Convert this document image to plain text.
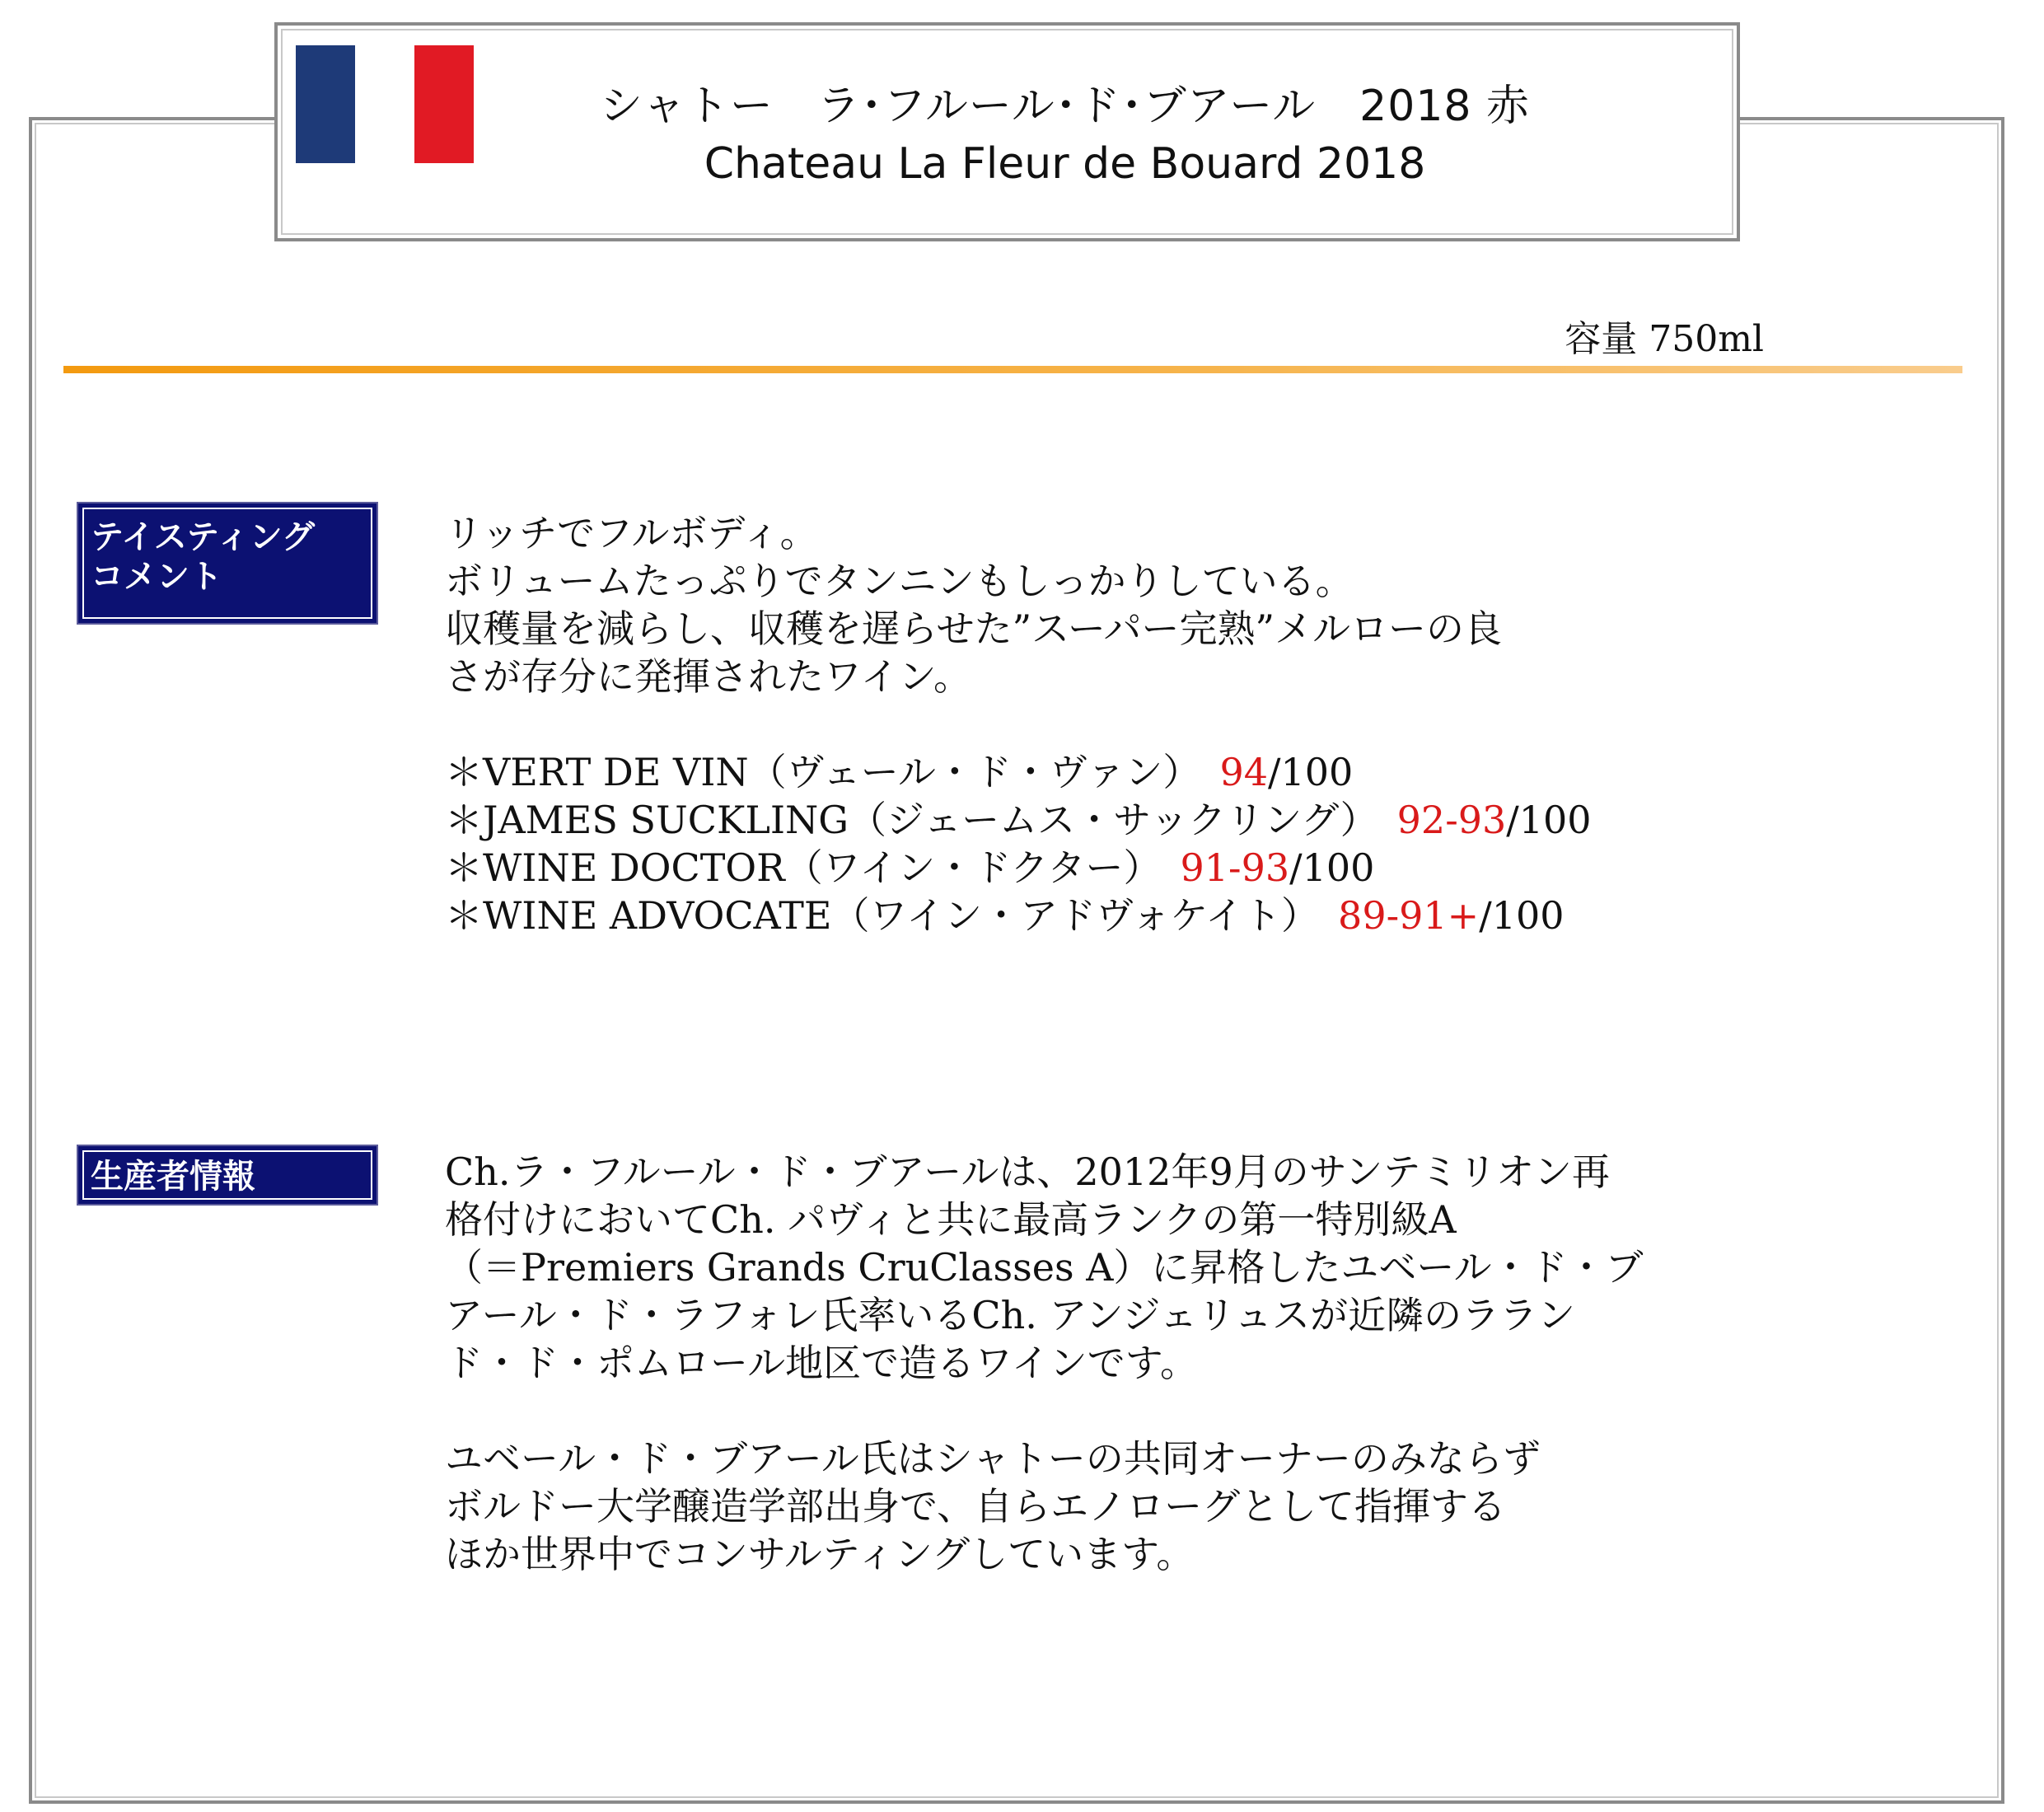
シャトー　ラ･フルール･ド･ブアール　2018 赤
Chateau La Fleur de Bouard 2018
容量 750ml
テイスティング
コメント

リッチでフルボディ。

ボリュームたっぷりでタンニンもしっかりしている。

収穫量を減らし、収穫を遅らせた”スーパー完熟”メルローの良

さが存分に発揮されたワイン。

＊VERT DE VIN（ヴェール・ド・ヴァン）　94/100

＊JAMES SUCKLING（ジェームス・サックリング）　92-93/100

＊WINE DOCTOR（ワイン・ドクター）　91-93/100

＊WINE ADVOCATE（ワイン・アドヴォケイト）　89-91+/100

生産者情報	Ch.ラ・フルール・ド・ブアールは、2012年9月のサンテミリオン再

格付けにおいてCh. パヴィと共に最高ランクの第一特別級A

（＝Premiers Grands CruClasses A）に昇格したユベール・ド・ブ

アール・ド・ラフォレ氏率いるCh. アンジェリュスが近隣のララン

ド・ド・ポムロール地区で造るワインです。

ユベール・ド・ブアール氏はシャトーの共同オーナーのみならず

ボルドー大学醸造学部出身で、自らエノローグとして指揮する

ほか世界中でコンサルティングしています。
